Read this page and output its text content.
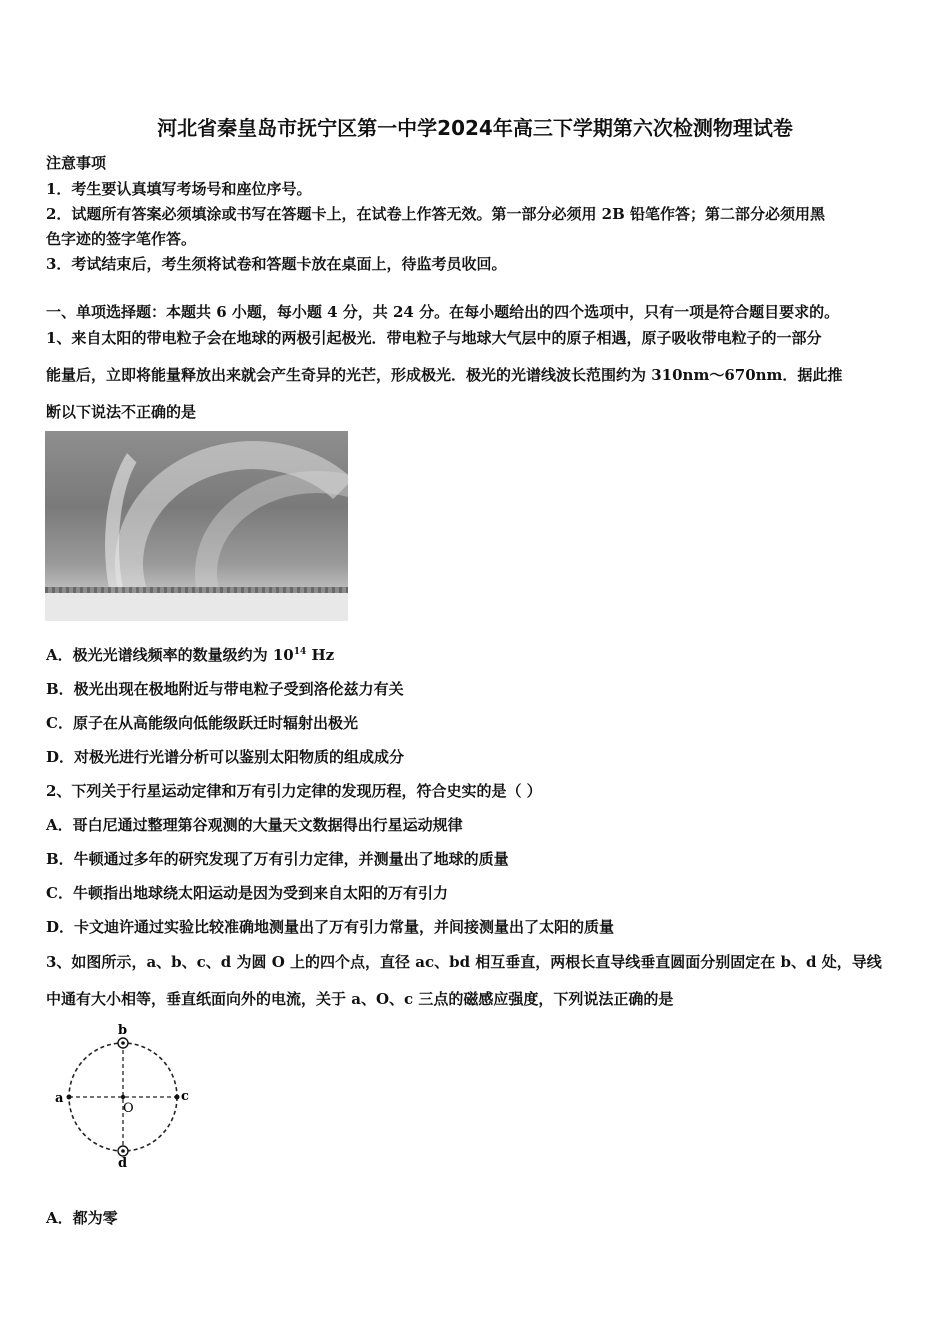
河北省秦皇岛市抚宁区第一中学2024年高三下学期第六次检测物理试卷
注意事项
1．考生要认真填写考场号和座位序号。
2．试题所有答案必须填涂或书写在答题卡上，在试卷上作答无效。第一部分必须用 2B 铅笔作答；第二部分必须用黑
色字迹的签字笔作答。
3．考试结束后，考生须将试卷和答题卡放在桌面上，待监考员收回。
一、单项选择题：本题共 6 小题，每小题 4 分，共 24 分。在每小题给出的四个选项中，只有一项是符合题目要求的。
1、来自太阳的带电粒子会在地球的两极引起极光．带电粒子与地球大气层中的原子相遇，原子吸收带电粒子的一部分
能量后，立即将能量释放出来就会产生奇异的光芒，形成极光．极光的光谱线波长范围约为 310nm～670nm．据此推
断以下说法不正确的是
A．极光光谱线频率的数量级约为 $10^{14}$ Hz
B．极光出现在极地附近与带电粒子受到洛伦兹力有关
C．原子在从高能级向低能级跃迁时辐射出极光
D．对极光进行光谱分析可以鉴别太阳物质的组成成分
2、下列关于行星运动定律和万有引力定律的发现历程，符合史实的是（ ）
A．哥白尼通过整理第谷观测的大量天文数据得出行星运动规律
B．牛顿通过多年的研究发现了万有引力定律，并测量出了地球的质量
C．牛顿指出地球绕太阳运动是因为受到来自太阳的万有引力
D．卡文迪许通过实验比较准确地测量出了万有引力常量，并间接测量出了太阳的质量
3、如图所示，a、b、c、d 为圆 O 上的四个点，直径 ac、bd 相互垂直，两根长直导线垂直圆面分别固定在 b、d 处，导线
中通有大小相等，垂直纸面向外的电流，关于 a、O、c 三点的磁感应强度，下列说法正确的是
b
d
a	c
O
A．都为零
